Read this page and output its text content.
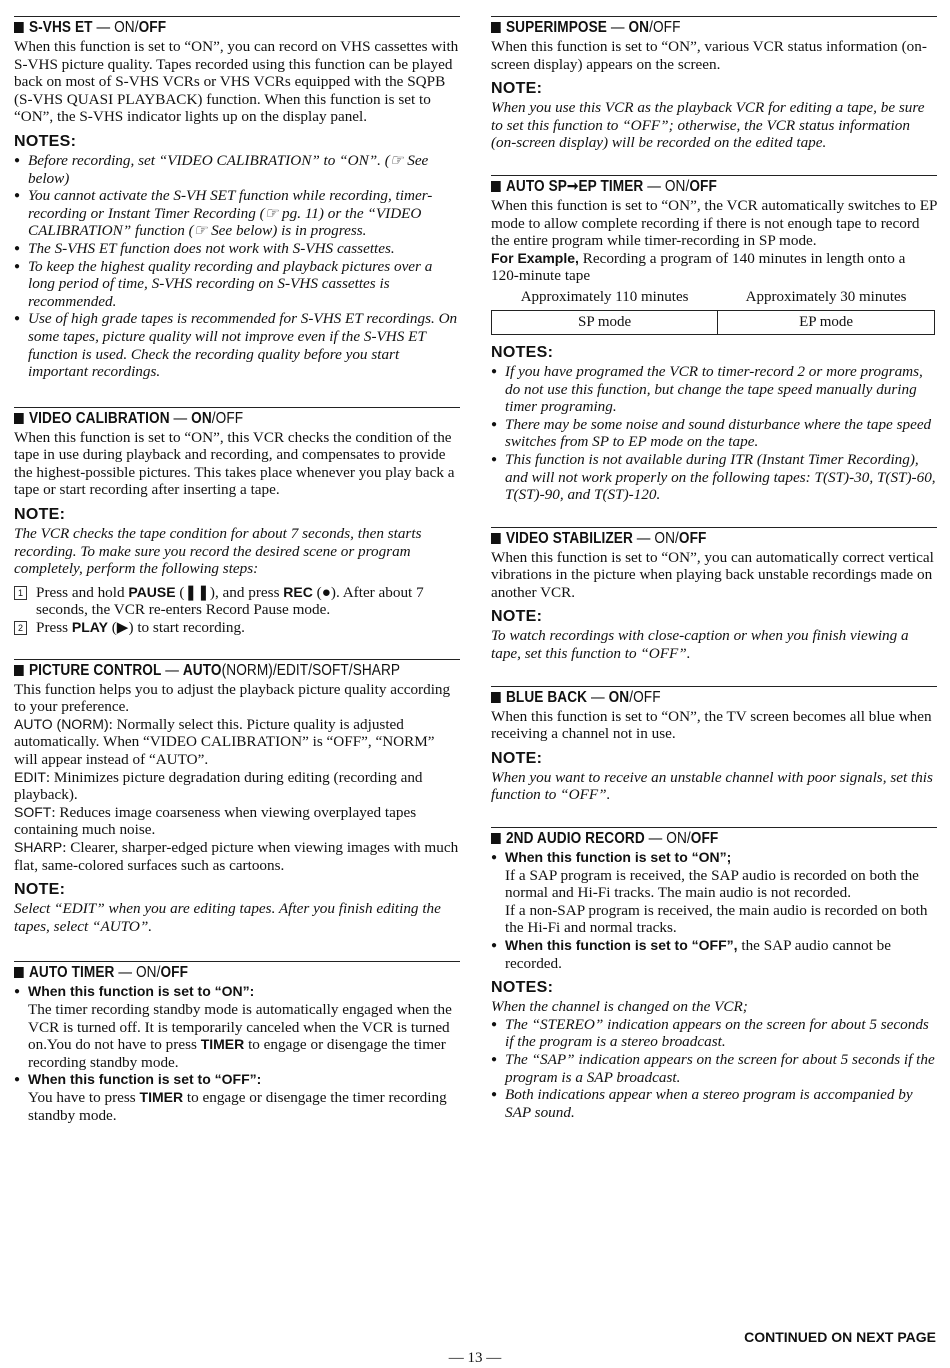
S-VHS ET — ON/OFF

When this function is set to “ON”, you can record on VHS cassettes with S-VHS picture quality. Tapes recorded using this function can be played back on most of S-VHS VCRs or VHS VCRs equipped with the SQPB (S-VHS QUASI PLAYBACK) function. When this function is set to “ON”, the S-VHS indicator lights up on the display panel.

NOTES:
● Before recording, set “VIDEO CALIBRATION” to “ON”. (☞ See below)
● You cannot activate the S-VH SET function while recording, timer-recording or Instant Timer Recording (☞ pg. 11) or the “VIDEO CALIBRATION” function (☞ See below) is in progress.
● The S-VHS ET function does not work with S-VHS cassettes.
● To keep the highest quality recording and playback pictures over a long period of time, S-VHS recording on S-VHS cassettes is recommended.
● Use of high grade tapes is recommended for S-VHS ET recordings. On some tapes, picture quality will not improve even if the S-VHS ET function is used. Check the recording quality before you start important recordings.
VIDEO CALIBRATION — ON/OFF

When this function is set to “ON”, this VCR checks the condition of the tape in use during playback and recording, and compensates to provide the highest-possible pictures. This takes place whenever you play back a tape or start recording after inserting a tape.

NOTE:

The VCR checks the tape condition for about 7 seconds, then starts recording. To make sure you record the desired scene or program completely, perform the following steps:

1 Press and hold PAUSE (❚❚), and press REC (●). After about 7 seconds, the VCR re-enters Record Pause mode.
2 Press PLAY (▶) to start recording.
PICTURE CONTROL — AUTO(NORM)/EDIT/SOFT/SHARP

This function helps you to adjust the playback picture quality according to your preference.

AUTO (NORM): Normally select this. Picture quality is adjusted automatically. When “VIDEO CALIBRATION” is “OFF”, “NORM” will appear instead of “AUTO”.

EDIT: Minimizes picture degradation during editing (recording and playback).

SOFT: Reduces image coarseness when viewing overplayed tapes containing much noise.

SHARP: Clearer, sharper-edged picture when viewing images with much flat, same-colored surfaces such as cartoons.

NOTE:

Select “EDIT” when you are editing tapes. After you finish editing the tapes, select “AUTO”.

AUTO TIMER — ON/OFF
● When this function is set to “ON”:
The timer recording standby mode is automatically engaged when the VCR is turned off. It is temporarily canceled when the VCR is turned on.You do not have to press TIMER to engage or disengage the timer recording standby mode.
● When this function is set to “OFF”:
You have to press TIMER to engage or disengage the timer recording standby mode.
SUPERIMPOSE — ON/OFF

When this function is set to “ON”, various VCR status information (on-screen display) appears on the screen.

NOTE:

When you use this VCR as the playback VCR for editing a tape, be sure to set this function to “OFF”; otherwise, the VCR status information (on-screen display) will be recorded on the edited tape.

AUTO SP➞EP TIMER — ON/OFF

When this function is set to “ON”, the VCR automatically switches to EP mode to allow complete recording if there is not enough tape to record the entire program while timer-recording in SP mode.

For Example, Recording a program of 140 minutes in length onto a 120-minute tape

Approximately 110 minutes	Approximately 30 minutes
SP mode	EP mode
NOTES:
● If you have programed the VCR to timer-record 2 or more programs, do not use this function, but change the tape speed manually during timer programing.
● There may be some noise and sound disturbance where the tape speed switches from SP to EP mode on the tape.
● This function is not available during ITR (Instant Timer Recording), and will not work properly on the following tapes: T(ST)-30, T(ST)-60, T(ST)-90, and T(ST)-120.
VIDEO STABILIZER — ON/OFF

When this function is set to “ON”, you can automatically correct vertical vibrations in the picture when playing back unstable recordings made on another VCR.

NOTE:

To watch recordings with close-caption or when you finish viewing a tape, set this function to “OFF”.

BLUE BACK — ON/OFF

When this function is set to “ON”, the TV screen becomes all blue when receiving a channel not in use.

NOTE:

When you want to receive an unstable channel with poor signals, set this function to “OFF”.

2ND AUDIO RECORD — ON/OFF
● When this function is set to “ON”;
If a SAP program is received, the SAP audio is recorded on both the normal and Hi-Fi tracks. The main audio is not recorded.
If a non-SAP program is received, the main audio is recorded on both the Hi-Fi and normal tracks.
● When this function is set to “OFF”, the SAP audio cannot be recorded.
NOTES:

When the channel is changed on the VCR;

● The “STEREO” indication appears on the screen for about 5 seconds if the program is a stereo broadcast.
● The “SAP” indication appears on the screen for about 5 seconds if the program is a SAP broadcast.
● Both indications appear when a stereo program is accompanied by SAP sound.
CONTINUED ON NEXT PAGE
— 13 —
